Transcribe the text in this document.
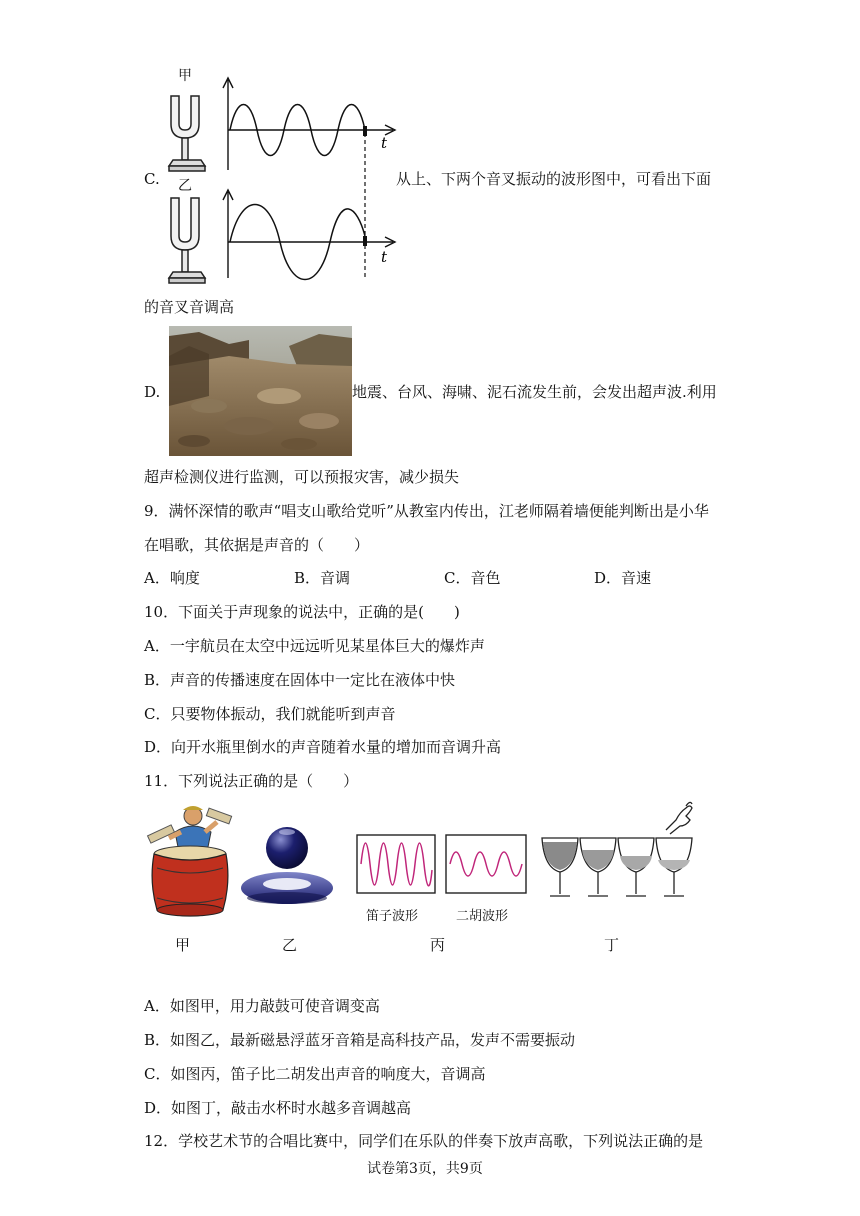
C.
甲
乙
t
t
从上、下两个音叉振动的波形图中，可看出下面
的音叉音调高
D.	地震、台风、海啸、泥石流发生前，会发出超声波.利用
超声检测仪进行监测，可以预报灾害，减少损失
9．满怀深情的歌声“唱支山歌给党听”从教室内传出，江老师隔着墙便能判断出是小华
在唱歌，其依据是声音的（　　）
A．响度	B．音调	C．音色	D．音速
10．下面关于声现象的说法中，正确的是(　　)
A．一宇航员在太空中远远听见某星体巨大的爆炸声
B．声音的传播速度在固体中一定比在液体中快
C．只要物体振动，我们就能听到声音
D．向开水瓶里倒水的声音随着水量的增加而音调升高
11．下列说法正确的是（　　）
笛子波形	二胡波形
甲	乙	丙	丁
A．如图甲，用力敲鼓可使音调变高
B．如图乙，最新磁悬浮蓝牙音箱是高科技产品，发声不需要振动
C．如图丙，笛子比二胡发出声音的响度大，音调高
D．如图丁，敲击水杯时水越多音调越高
12．学校艺术节的合唱比赛中，同学们在乐队的伴奏下放声高歌，下列说法正确的是
试卷第3页，共9页
